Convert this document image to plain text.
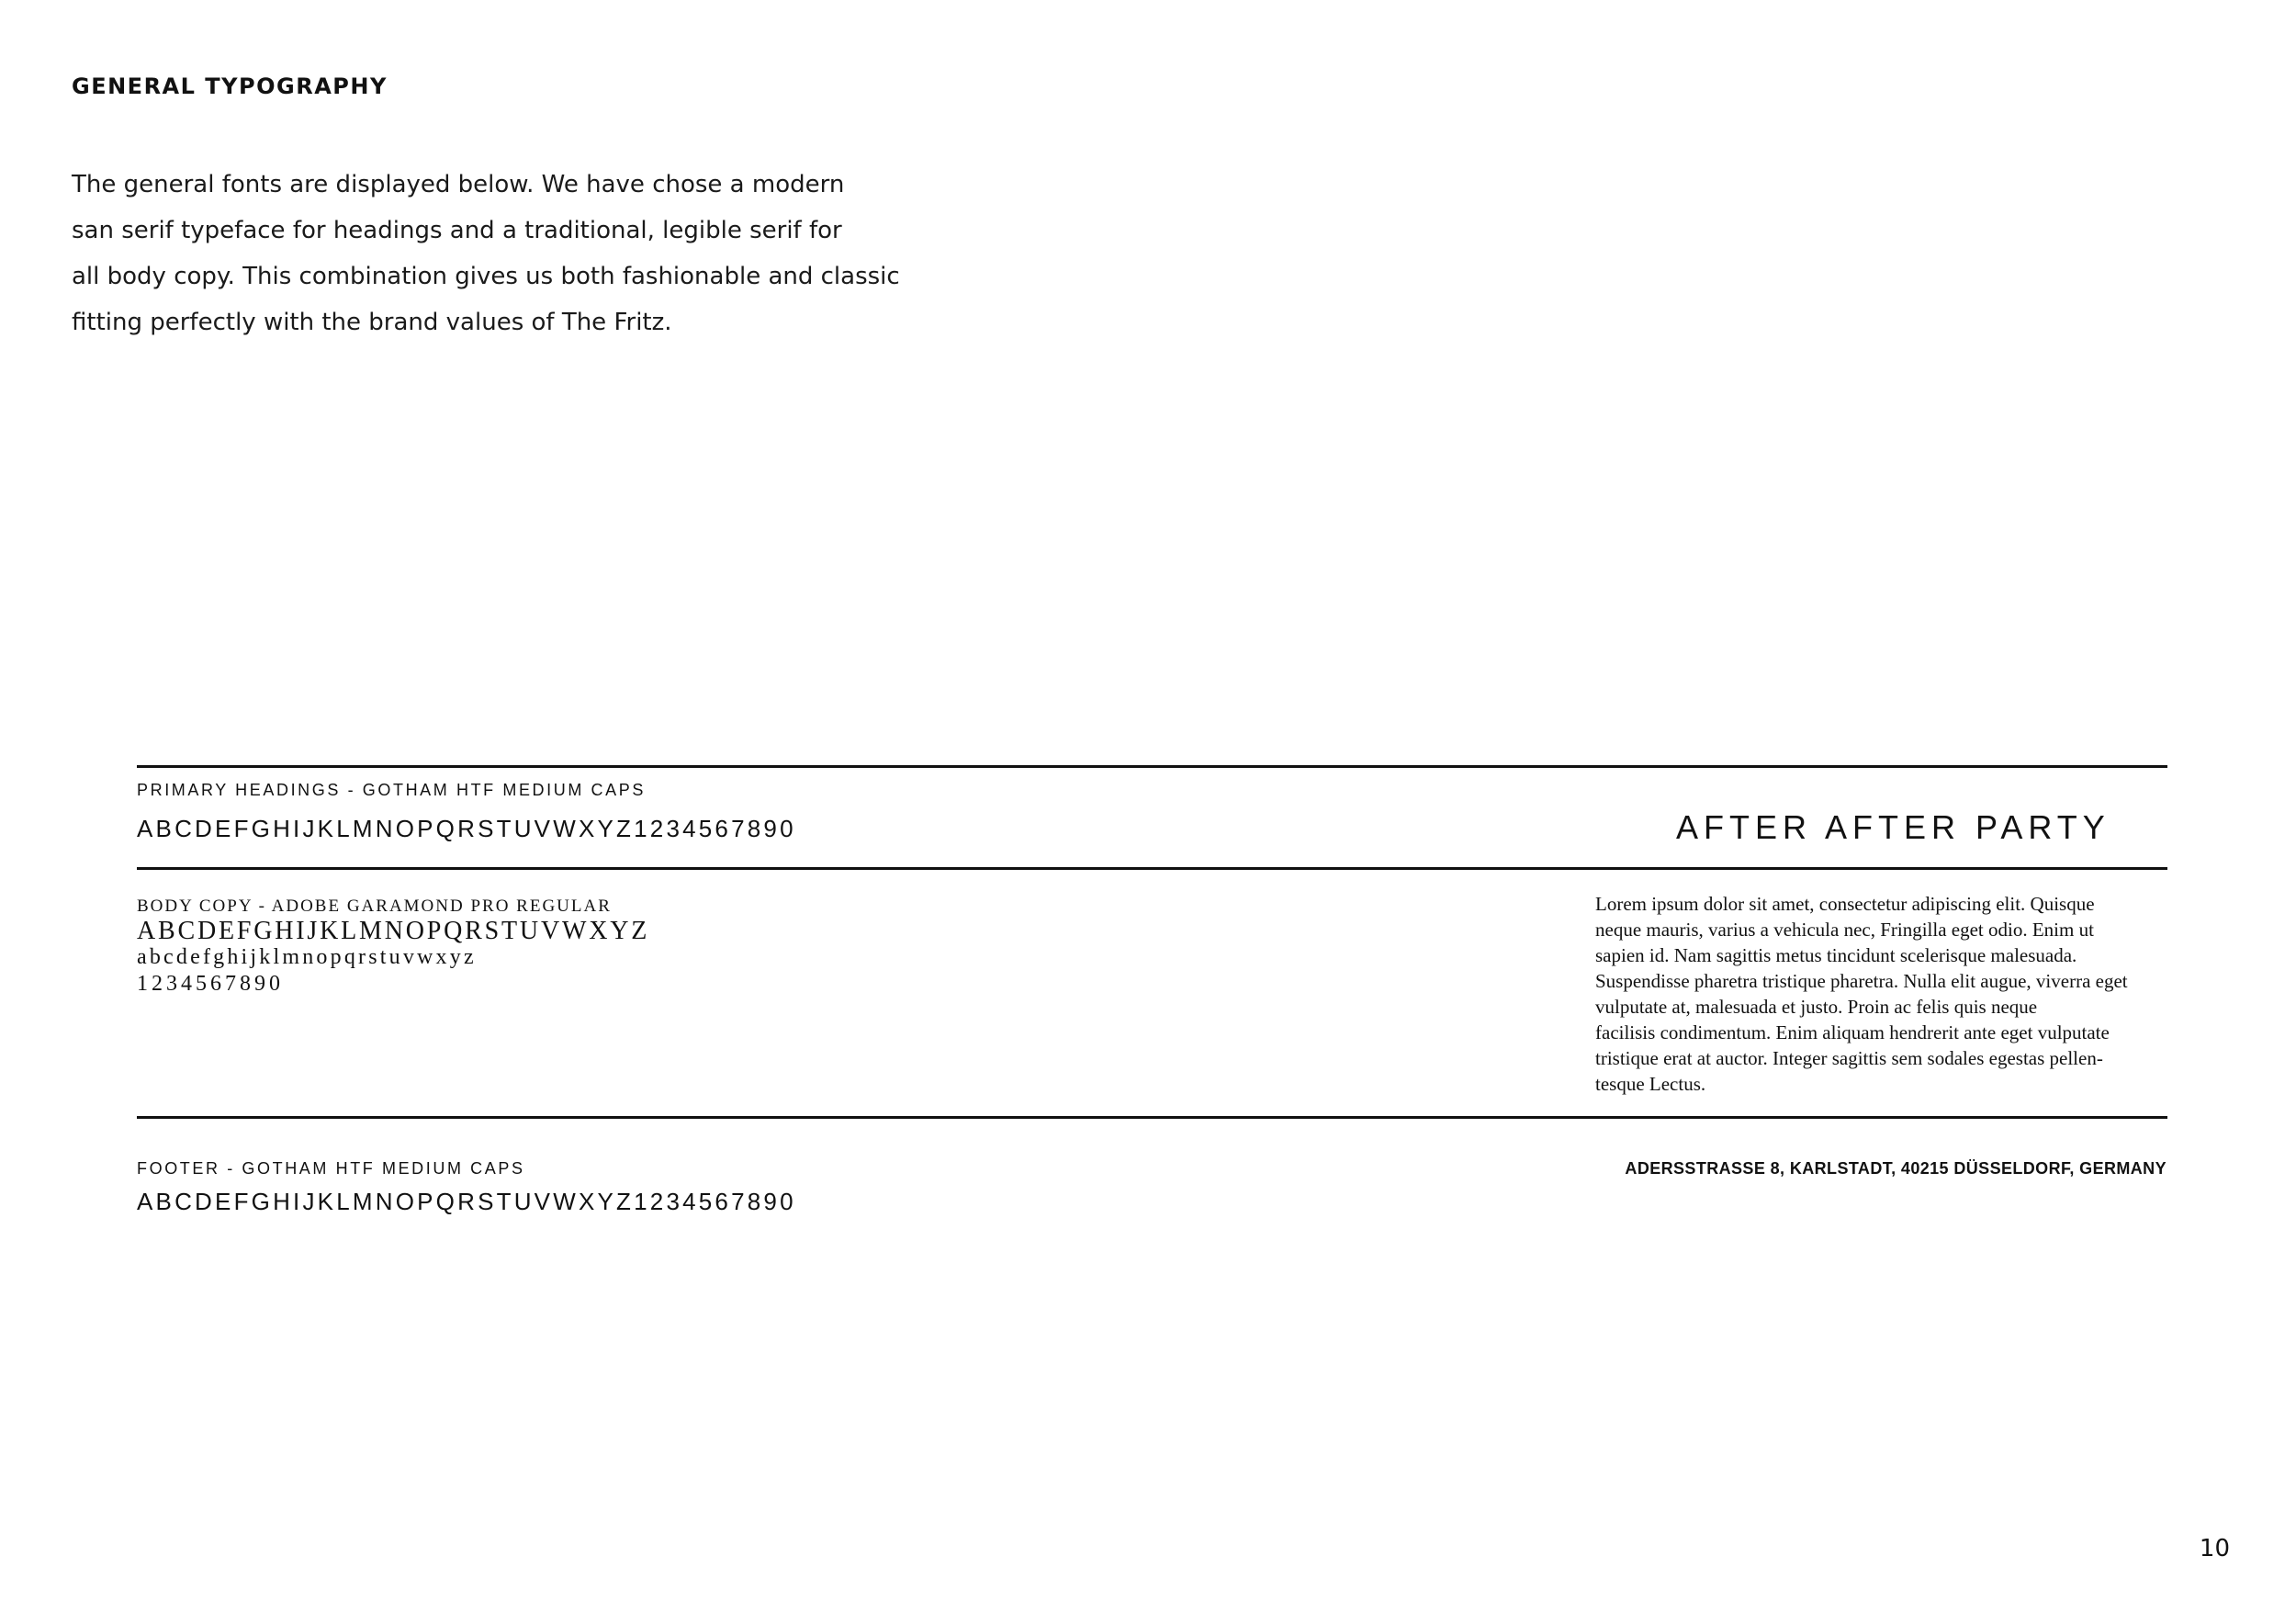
GENERAL TYPOGRAPHY

The general fonts are displayed below. We have chose a modern
san serif typeface for headings and a traditional, legible serif for
all body copy. This combination gives us both fashionable and classic
fitting perfectly with the brand values of The Fritz.

PRIMARY HEADINGS - GOTHAM HTF MEDIUM CAPS
ABCDEFGHIJKLMNOPQRSTUVWXYZ1234567890	AFTER AFTER PARTY
BODY COPY - ADOBE GARAMOND PRO REGULAR
ABCDEFGHIJKLMNOPQRSTUVWXYZ
abcdefghijklmnopqrstuvwxyz
1234567890

Lorem ipsum dolor sit amet, consectetur adipiscing elit. Quisque
neque mauris, varius a vehicula nec, Fringilla eget odio. Enim ut
sapien id. Nam sagittis metus tincidunt scelerisque malesuada.
Suspendisse pharetra tristique pharetra. Nulla elit augue, viverra eget
vulputate at, malesuada et justo. Proin ac felis quis neque
facilisis condimentum. Enim aliquam hendrerit ante eget vulputate
tristique erat at auctor. Integer sagittis sem sodales egestas pellen-
tesque Lectus.

FOOTER - GOTHAM HTF MEDIUM CAPS
ABCDEFGHIJKLMNOPQRSTUVWXYZ1234567890
ADERSSTRASSE 8, KARLSTADT, 40215 DÜSSELDORF, GERMANY
10
